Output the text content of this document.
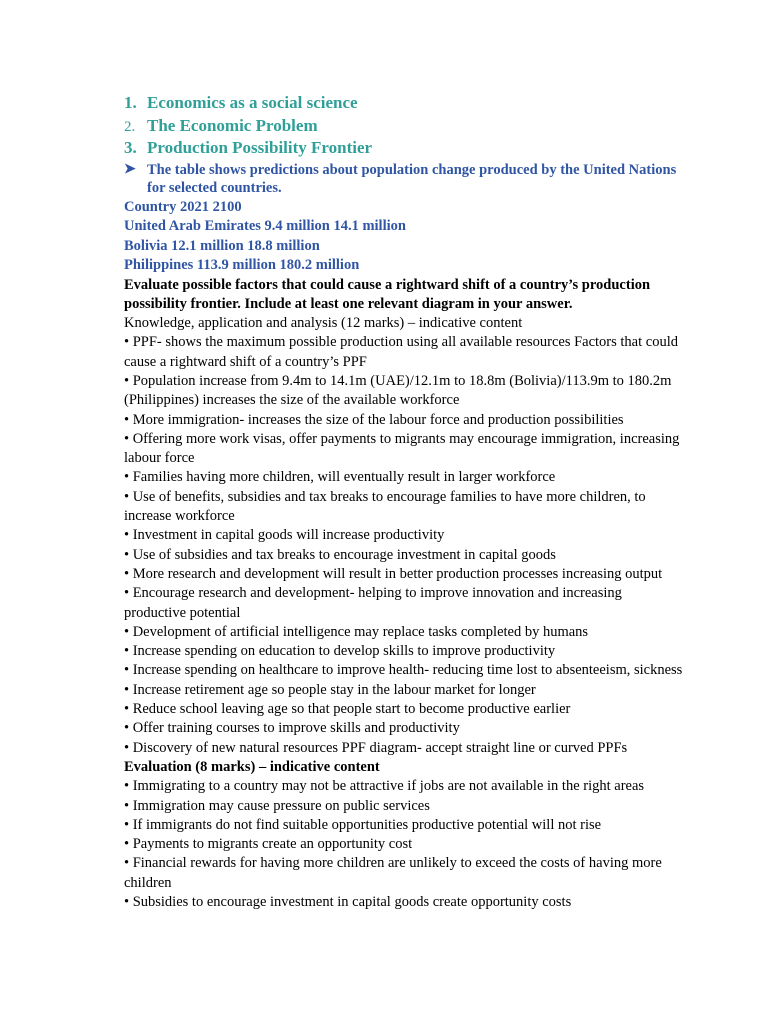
1. Economics as a social science
2. The Economic Problem
3. Production Possibility Frontier
➤ The table shows predictions about population change produced by the United Nations for selected countries.
Country 2021 2100
United Arab Emirates 9.4 million 14.1 million
Bolivia 12.1 million 18.8 million
Philippines 113.9 million 180.2 million
Evaluate possible factors that could cause a rightward shift of a country’s production possibility frontier. Include at least one relevant diagram in your answer.
Knowledge, application and analysis (12 marks) – indicative content
• PPF- shows the maximum possible production using all available resources Factors that could cause a rightward shift of a country’s PPF
• Population increase from 9.4m to 14.1m (UAE)/12.1m to 18.8m (Bolivia)/113.9m to 180.2m (Philippines) increases the size of the available workforce
• More immigration- increases the size of the labour force and production possibilities
• Offering more work visas, offer payments to migrants may encourage immigration, increasing labour force
• Families having more children, will eventually result in larger workforce
• Use of benefits, subsidies and tax breaks to encourage families to have more children, to increase workforce
• Investment in capital goods will increase productivity
• Use of subsidies and tax breaks to encourage investment in capital goods
• More research and development will result in better production processes increasing output
• Encourage research and development- helping to improve innovation and increasing productive potential
• Development of artificial intelligence may replace tasks completed by humans
• Increase spending on education to develop skills to improve productivity
• Increase spending on healthcare to improve health- reducing time lost to absenteeism, sickness • Increase retirement age so people stay in the labour market for longer
• Reduce school leaving age so that people start to become productive earlier
• Offer training courses to improve skills and productivity
• Discovery of new natural resources PPF diagram- accept straight line or curved PPFs
Evaluation (8 marks) – indicative content
• Immigrating to a country may not be attractive if jobs are not available in the right areas
• Immigration may cause pressure on public services
• If immigrants do not find suitable opportunities productive potential will not rise
• Payments to migrants create an opportunity cost
• Financial rewards for having more children are unlikely to exceed the costs of having more children
• Subsidies to encourage investment in capital goods create opportunity costs
